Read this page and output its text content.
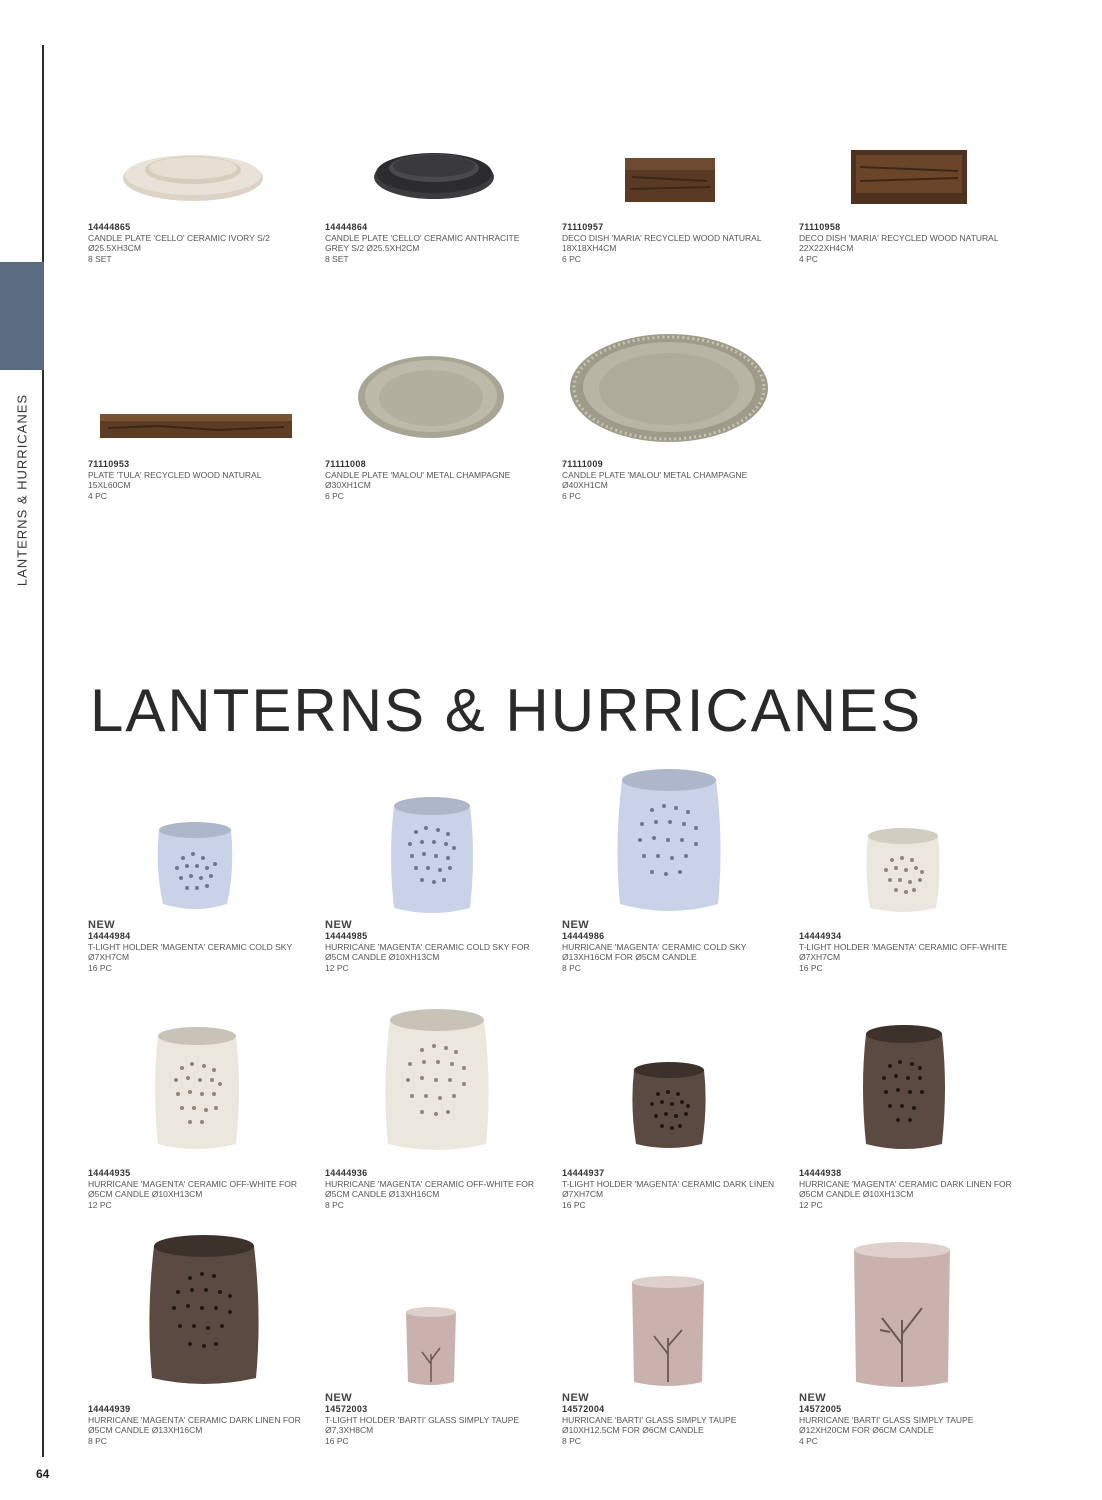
LANTERNS & HURRICANES
64
14444865
CANDLE PLATE 'CELLO' CERAMIC IVORY S/2 Ø25.5XH3CM
8 SET
14444864
CANDLE PLATE 'CELLO' CERAMIC ANTHRACITE GREY S/2 Ø25.5XH2CM
8 SET
71110957
DECO DISH 'MARIA' RECYCLED WOOD NATURAL 18X18XH4CM
6 PC
71110958
DECO DISH 'MARIA' RECYCLED WOOD NATURAL 22X22XH4CM
4 PC
71110953
PLATE 'TULA' RECYCLED WOOD NATURAL 15XL60CM
4 PC
71111008
CANDLE PLATE 'MALOU' METAL CHAMPAGNE Ø30XH1CM
6 PC
71111009
CANDLE PLATE 'MALOU' METAL CHAMPAGNE Ø40XH1CM
6 PC
LANTERNS & HURRICANES
NEW
14444984
T-LIGHT HOLDER 'MAGENTA' CERAMIC COLD SKY Ø7XH7CM
16 PC
NEW
14444985
HURRICANE 'MAGENTA' CERAMIC COLD SKY FOR Ø5CM CANDLE Ø10XH13CM
12 PC
NEW
14444986
HURRICANE 'MAGENTA' CERAMIC COLD SKY Ø13XH16CM FOR Ø5CM CANDLE
8 PC
14444934
T-LIGHT HOLDER 'MAGENTA' CERAMIC OFF-WHITE Ø7XH7CM
16 PC
14444935
HURRICANE 'MAGENTA' CERAMIC OFF-WHITE FOR Ø5CM CANDLE Ø10XH13CM
12 PC
14444936
HURRICANE 'MAGENTA' CERAMIC OFF-WHITE FOR Ø5CM CANDLE Ø13XH16CM
8 PC
14444937
T-LIGHT HOLDER 'MAGENTA' CERAMIC DARK LINEN Ø7XH7CM
16 PC
14444938
HURRICANE 'MAGENTA' CERAMIC DARK LINEN FOR Ø5CM CANDLE Ø10XH13CM
12 PC
14444939
HURRICANE 'MAGENTA' CERAMIC DARK LINEN FOR Ø5CM CANDLE Ø13XH16CM
8 PC
NEW
14572003
T-LIGHT HOLDER 'BARTI' GLASS SIMPLY TAUPE Ø7,3XH8CM
16 PC
NEW
14572004
HURRICANE 'BARTI' GLASS SIMPLY TAUPE Ø10XH12.5CM FOR Ø6CM CANDLE
8 PC
NEW
14572005
HURRICANE 'BARTI' GLASS SIMPLY TAUPE Ø12XH20CM FOR Ø6CM CANDLE
4 PC
